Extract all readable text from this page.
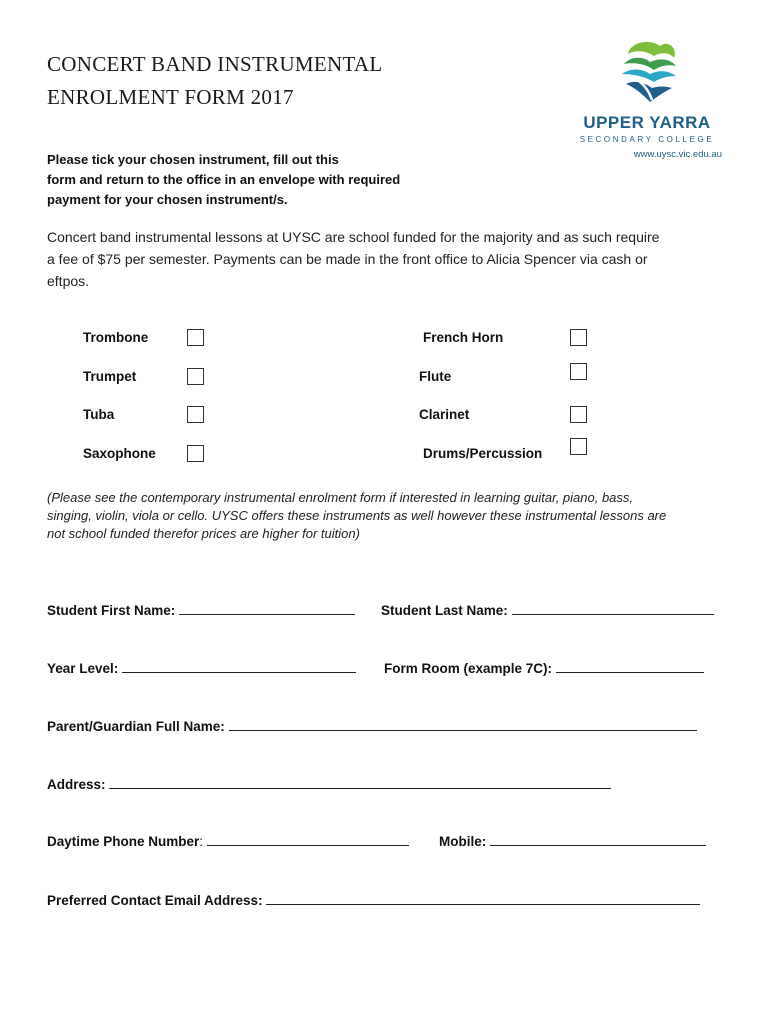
CONCERT BAND INSTRUMENTAL
ENROLMENT FORM 2017
UPPER YARRA
SECONDARY COLLEGE
www.uysc.vic.edu.au
Please tick your chosen instrument, fill out this
form and return to the office in an envelope with required
payment for your chosen instrument/s.
Concert band instrumental lessons at UYSC are school funded for the majority and as such require
a fee of $75 per semester. Payments can be made in the front office to Alicia Spencer via cash or
eftpos.
Trombone
Trumpet
Tuba
Saxophone
French Horn
Flute
Clarinet
Drums/Percussion
(Please see the contemporary instrumental enrolment form if interested in learning guitar, piano, bass,
singing, violin, viola or cello. UYSC offers these instruments as well however these instrumental lessons are
not school funded therefor prices are higher for tuition)
Student First Name:	Student Last Name:
Year Level:	Form Room (example 7C):
Parent/Guardian Full Name:
Address:
Daytime Phone Number:	Mobile:
Preferred Contact Email Address:
